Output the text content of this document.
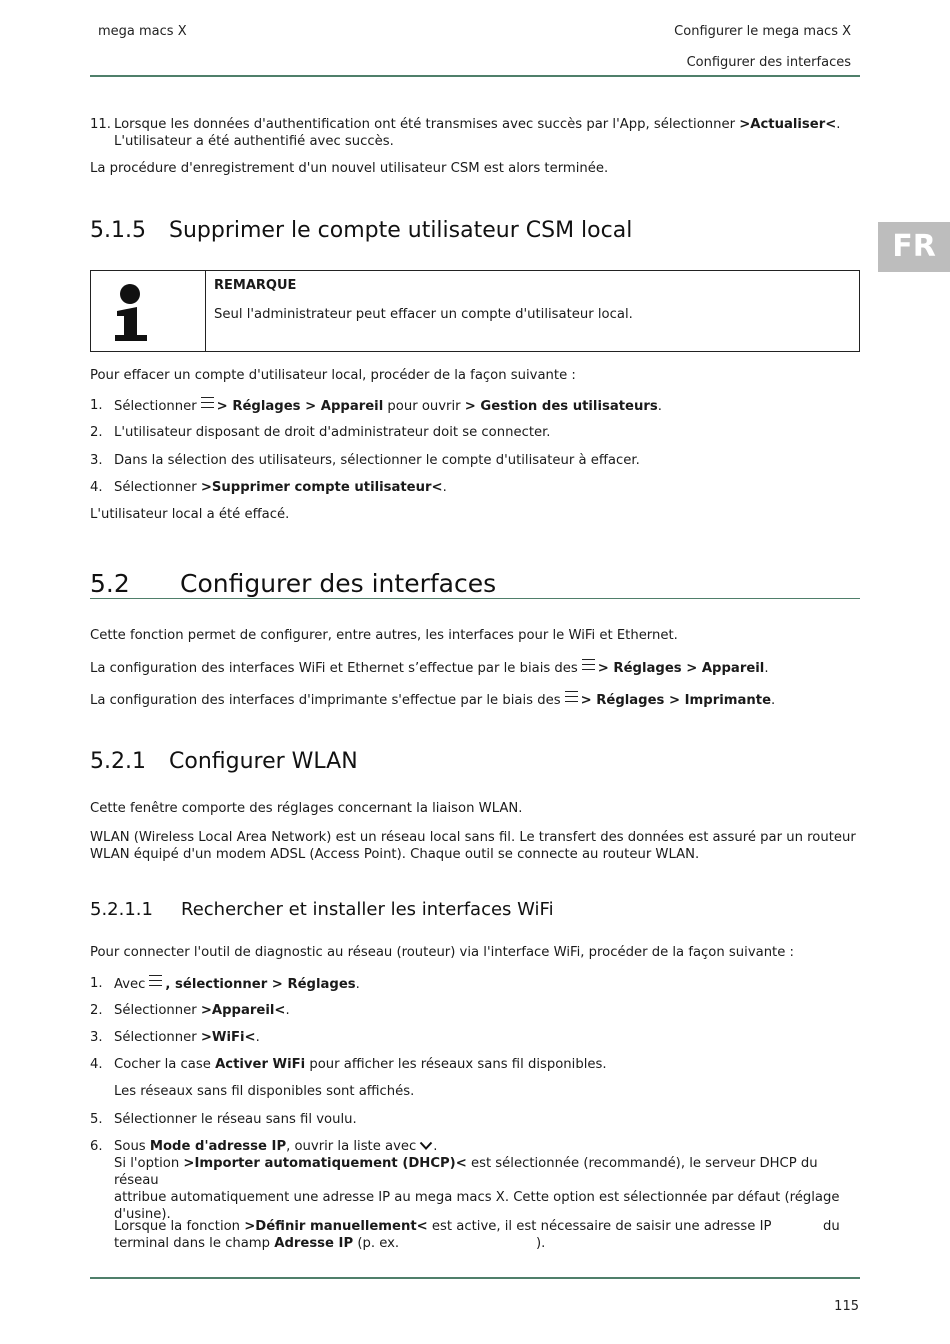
mega macs X	Configurer le mega macs X
Configurer des interfaces
FR
11. Lorsque les données d'authentification ont été transmises avec succès par l'App, sélectionner >Actualiser<.
L'utilisateur a été authentifié avec succès.
La procédure d'enregistrement d'un nouvel utilisateur CSM est alors terminée.
5.1.5 Supprimer le compte utilisateur CSM local
REMARQUE
Seul l'administrateur peut effacer un compte d'utilisateur local.
Pour effacer un compte d'utilisateur local, procéder de la façon suivante :
1. Sélectionner > Réglages > Appareil pour ouvrir > Gestion des utilisateurs.
2. L'utilisateur disposant de droit d'administrateur doit se connecter.
3. Dans la sélection des utilisateurs, sélectionner le compte d'utilisateur à effacer.
4. Sélectionner >Supprimer compte utilisateur<.
L'utilisateur local a été effacé.
5.2 Configurer des interfaces
Cette fonction permet de configurer, entre autres, les interfaces pour le WiFi et Ethernet.
La configuration des interfaces WiFi et Ethernet s’effectue par le biais des > Réglages > Appareil.
La configuration des interfaces d'imprimante s'effectue par le biais des > Réglages > Imprimante.
5.2.1 Configurer WLAN
Cette fenêtre comporte des réglages concernant la liaison WLAN.
WLAN (Wireless Local Area Network) est un réseau local sans fil. Le transfert des données est assuré par un routeur
WLAN équipé d'un modem ADSL (Access Point). Chaque outil se connecte au routeur WLAN.
5.2.1.1 Rechercher et installer les interfaces WiFi
Pour connecter l'outil de diagnostic au réseau (routeur) via l'interface WiFi, procéder de la façon suivante :
1. Avec , sélectionner > Réglages.
2. Sélectionner >Appareil<.
3. Sélectionner >WiFi<.
4. Cocher la case Activer WiFi pour afficher les réseaux sans fil disponibles.
Les réseaux sans fil disponibles sont affichés.
5. Sélectionner le réseau sans fil voulu.
6. Sous Mode d'adresse IP, ouvrir la liste avec .
Si l'option >Importer automatiquement (DHCP)< est sélectionnée (recommandé), le serveur DHCP du réseau
attribue automatiquement une adresse IP au mega macs X. Cette option est sélectionnée par défaut (réglage
d'usine).
Lorsque la fonction >Définir manuellement< est active, il est nécessaire de saisir une adresse IP	du

terminal dans le champ Adresse IP (p. ex.	).
115
